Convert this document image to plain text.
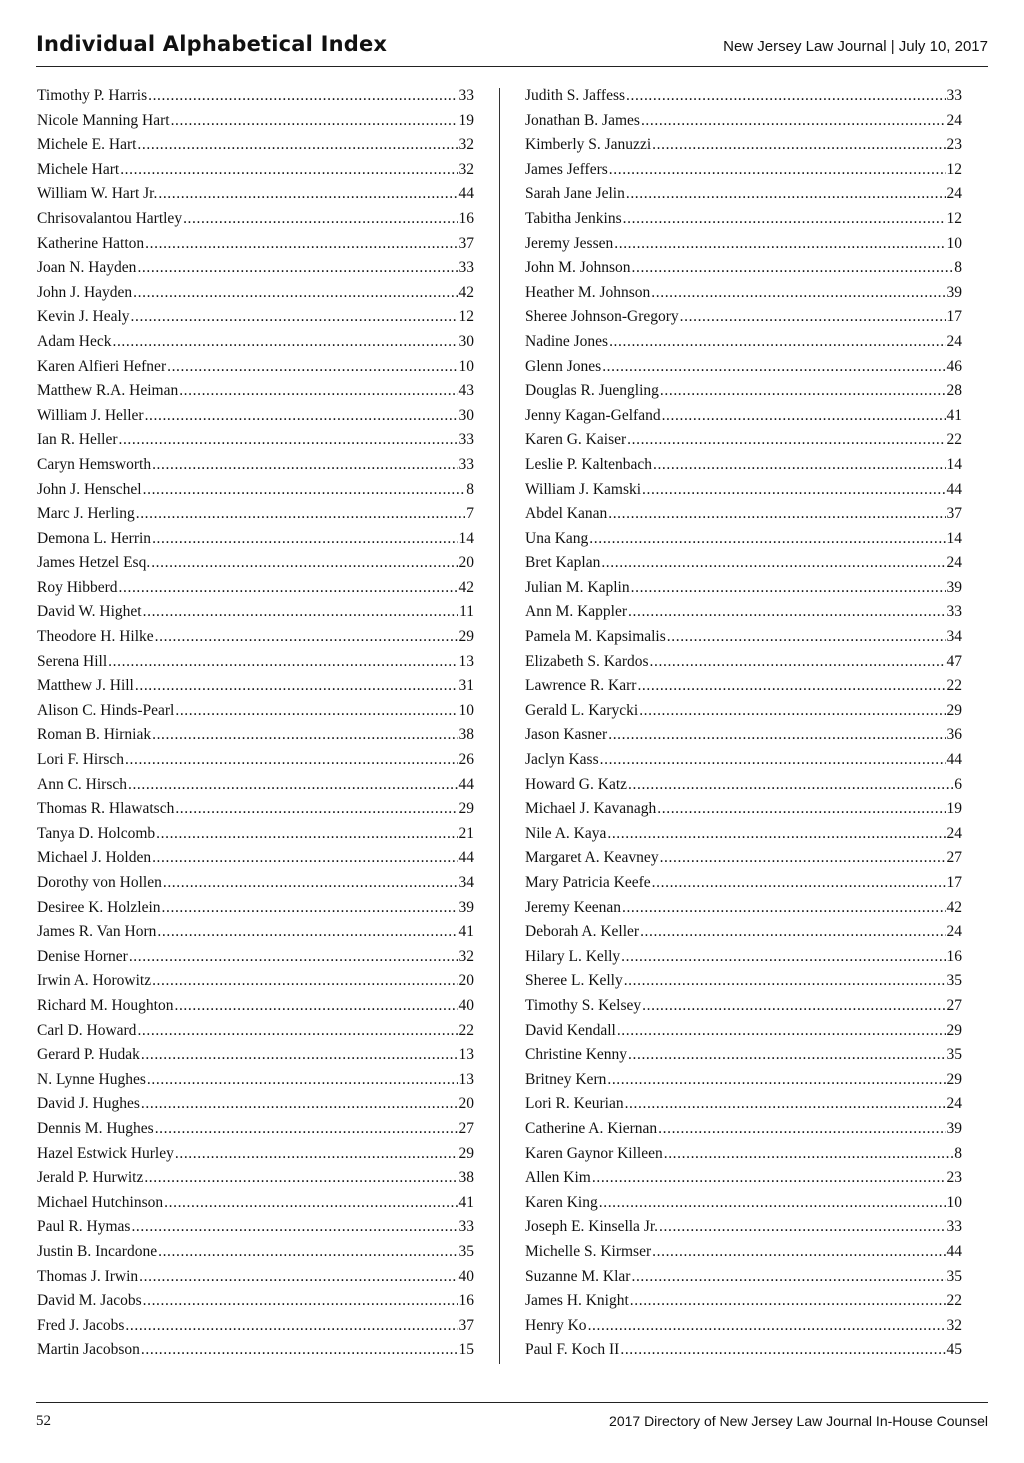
Individual Alphabetical Index	New Jersey Law Journal | July 10, 2017
Timothy P. Harris .....	33
Nicole Manning Hart .....	19
Michele E. Hart .....	32
Michele Hart .....	32
William W. Hart Jr. .....	44
Chrisovalantou Hartley .....	16
Katherine Hatton .....	37
Joan N. Hayden .....	33
John J. Hayden .....	42
Kevin J. Healy .....	12
Adam Heck .....	30
Karen Alfieri Hefner .....	10
Matthew R.A. Heiman .....	43
William J. Heller .....	30
Ian R. Heller .....	33
Caryn Hemsworth .....	33
John J. Henschel .....	8
Marc J. Herling .....	7
Demona L. Herrin .....	14
James Hetzel Esq. .....	20
Roy Hibberd .....	42
David W. Highet .....	11
Theodore H. Hilke .....	29
Serena Hill .....	13
Matthew J. Hill .....	31
Alison C. Hinds-Pearl .....	10
Roman B. Hirniak .....	38
Lori F. Hirsch .....	26
Ann C. Hirsch .....	44
Thomas R. Hlawatsch .....	29
Tanya D. Holcomb .....	21
Michael J. Holden .....	44
Dorothy von Hollen .....	34
Desiree K. Holzlein .....	39
James R. Van Horn .....	41
Denise Horner .....	32
Irwin A. Horowitz .....	20
Richard M. Houghton .....	40
Carl D. Howard .....	22
Gerard P. Hudak .....	13
N. Lynne Hughes .....	13
David J. Hughes .....	20
Dennis M. Hughes .....	27
Hazel Estwick Hurley .....	29
Jerald P. Hurwitz .....	38
Michael Hutchinson .....	41
Paul R. Hymas .....	33
Justin B. Incardone .....	35
Thomas J. Irwin .....	40
David M. Jacobs .....	16
Fred J. Jacobs .....	37
Martin Jacobson .....	15
Judith S. Jaffess .....	33
Jonathan B. James .....	24
Kimberly S. Januzzi .....	23
James Jeffers .....	12
Sarah Jane Jelin .....	24
Tabitha Jenkins .....	12
Jeremy Jessen .....	10
John M. Johnson .....	8
Heather M. Johnson .....	39
Sheree Johnson-Gregory .....	17
Nadine Jones .....	24
Glenn Jones .....	46
Douglas R. Juengling .....	28
Jenny Kagan-Gelfand .....	41
Karen G. Kaiser .....	22
Leslie P. Kaltenbach .....	14
William J. Kamski .....	44
Abdel Kanan .....	37
Una Kang .....	14
Bret Kaplan .....	24
Julian M. Kaplin .....	39
Ann M. Kappler .....	33
Pamela M. Kapsimalis .....	34
Elizabeth S. Kardos .....	47
Lawrence R. Karr .....	22
Gerald L. Karycki .....	29
Jason Kasner .....	36
Jaclyn Kass .....	44
Howard G. Katz .....	6
Michael J. Kavanagh .....	19
Nile A. Kaya .....	24
Margaret A. Keavney .....	27
Mary Patricia Keefe .....	17
Jeremy Keenan .....	42
Deborah A. Keller .....	24
Hilary L. Kelly .....	16
Sheree L. Kelly .....	35
Timothy S. Kelsey .....	27
David Kendall .....	29
Christine Kenny .....	35
Britney Kern .....	29
Lori R. Keurian .....	24
Catherine A. Kiernan .....	39
Karen Gaynor Killeen .....	8
Allen Kim .....	23
Karen King .....	10
Joseph E. Kinsella Jr. .....	33
Michelle S. Kirmser .....	44
Suzanne M. Klar .....	35
James H. Knight .....	22
Henry Ko .....	32
Paul F. Koch II .....	45
52	2017 Directory of New Jersey Law Journal In-House Counsel
